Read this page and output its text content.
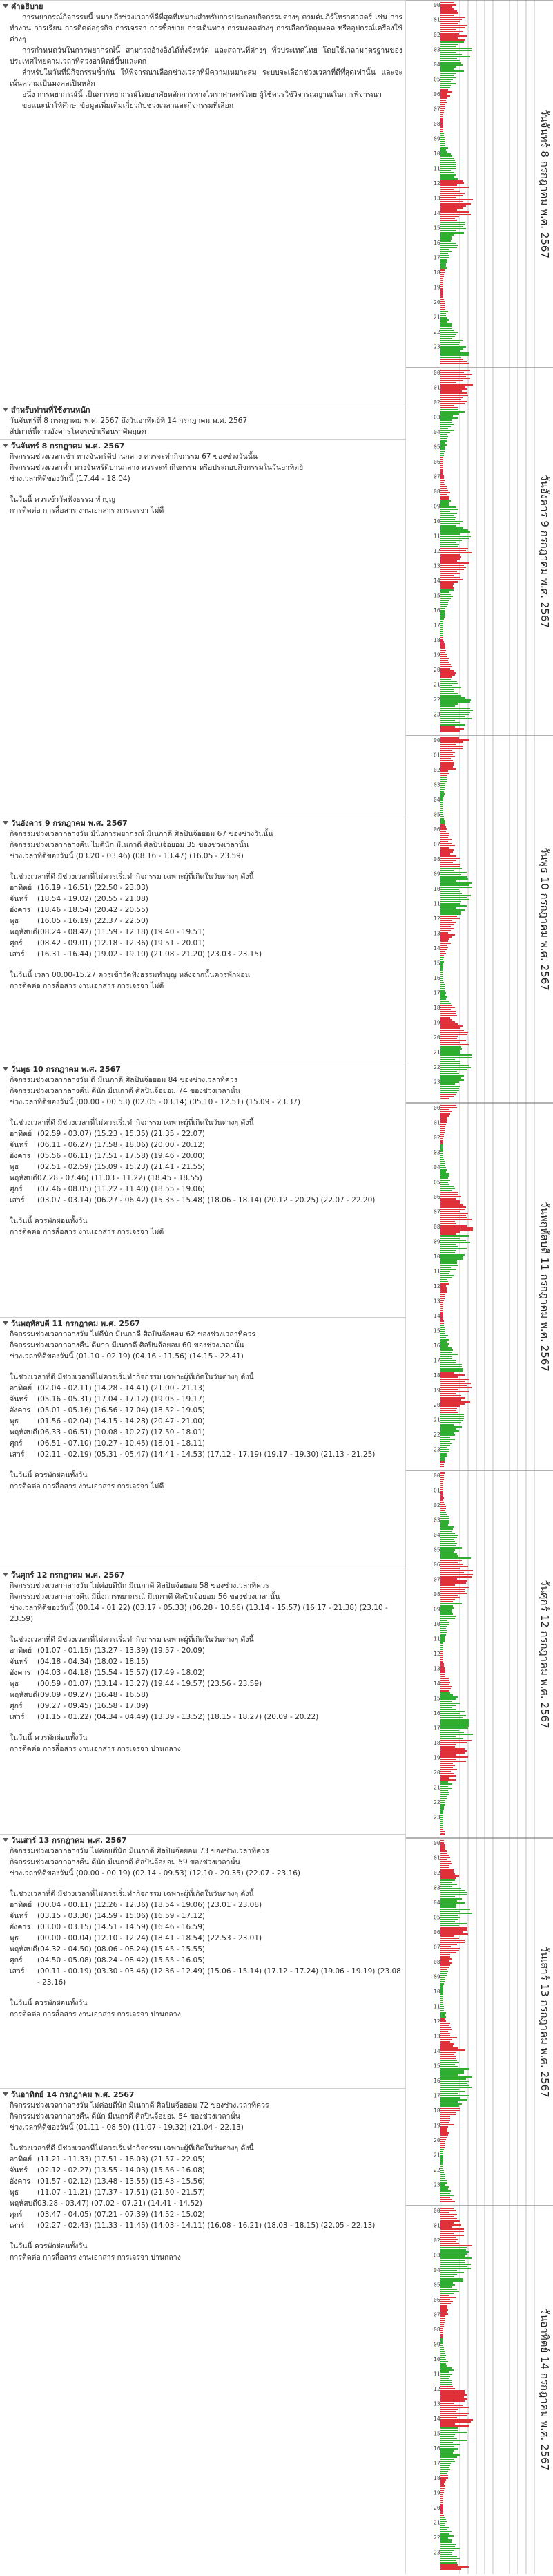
คำอธิบาย

การพยากรณ์กิจกรรมนี้ หมายถึงช่วงเวลาที่ดีที่สุดที่เหมาะสำหรับการประกอบกิจกรรมต่างๆ ตามคัมภีร์โหราศาสตร์ เช่น การทำงาน การเรียน การติดต่อธุรกิจ การเจรจา การซื้อขาย การเดินทาง การมงคลต่างๆ การเลือกวัตถุมงคล หรืออุปกรณ์เครื่องใช้ต่างๆ

การกำหนดวันในการพยากรณ์นี้ สามารถอ้างอิงได้ทั้งจังหวัด และสถานที่ต่างๆ ทั่วประเทศไทย โดยใช้เวลามาตรฐานของประเทศไทยตามเวลาที่ดวงอาทิตย์ขึ้นและตก

สำหรับในวันที่มีกิจกรรมซ้ำกัน ให้พิจารณาเลือกช่วงเวลาที่มีความเหมาะสม ระบบจะเลือกช่วงเวลาที่ดีที่สุดเท่านั้น และจะเน้นความเป็นมงคลเป็นหลัก

อนึ่ง การพยากรณ์นี้ เป็นการพยากรณ์โดยอาศัยหลักการทางโหราศาสตร์ไทย ผู้ใช้ควรใช้วิจารณญาณในการพิจารณา

ขอแนะนำให้ศึกษาข้อมูลเพิ่มเติมเกี่ยวกับช่วงเวลาและกิจกรรมที่เลือก

สำหรับท่านที่ใช้งานหนัก
วันจันทร์ที่ 8 กรกฎาคม พ.ศ. 2567 ถึงวันอาทิตย์ที่ 14 กรกฎาคม พ.ศ. 2567
สัปดาห์นี้ดาวอังคารโคจรเข้าเรือนราศีพฤษภ
วันจันทร์ 8 กรกฎาคม พ.ศ. 2567
กิจกรรมช่วงเวลาเช้า ทางจันทร์ดีปานกลาง ควรจะทำกิจกรรม 67 ของช่วงวันนั้น
กิจกรรมช่วงเวลาค่ำ ทางจันทร์ดีปานกลาง ควรจะทำกิจกรรม หรือประกอบกิจกรรมในวันอาทิตย์
ช่วงเวลาที่ดีของวันนี้ (17.44 - 18.04)
ในวันนี้ ควรเข้าวัดฟังธรรม ทำบุญ
การติดต่อ การสื่อสาร งานเอกสาร การเจรจา ไม่ดี
วันอังคาร 9 กรกฎาคม พ.ศ. 2567
กิจกรรมช่วงเวลากลางวัน มีนิ่งการพยากรณ์ มีเนกาดี ศิลปินจ้อยอม 67 ของช่วงวันนั้น
กิจกรรมช่วงเวลากลางคืน ไม่ดีนัก มีเนกาดี ศิลปินจ้อยอม 35 ของช่วงเวลานั้น
ช่วงเวลาที่ดีของวันนี้ (03.20 - 03.46) (08.16 - 13.47) (16.05 - 23.59)
ในช่วงเวลาที่ดี มีช่วงเวลาที่ไม่ควรเริ่มทำกิจกรรม เฉพาะผู้ที่เกิดในวันต่างๆ ดังนี้
อาทิตย์ (16.19 - 16.51) (22.50 - 23.03)
จันทร์	(18.54 - 19.02) (20.55 - 21.08)
อังคาร (18.46 - 18.54) (20.42 - 20.55)
พุธ	(16.05 - 16.19) (22.37 - 22.50)
พฤหัสบดี (08.24 - 08.42) (11.59 - 12.18) (19.40 - 19.51)
ศุกร์	(08.42 - 09.01) (12.18 - 12.36) (19.51 - 20.01)
เสาร์	(16.31 - 16.44) (19.02 - 19.10) (21.08 - 21.20) (23.03 - 23.15)
ในวันนี้ เวลา 00.00-15.27 ควรเข้าวัดฟังธรรมทำบุญ หลังจากนั้นควรพักผ่อน
การติดต่อ การสื่อสาร งานเอกสาร การเจรจา ไม่ดี
วันพุธ 10 กรกฎาคม พ.ศ. 2567
กิจกรรมช่วงเวลากลางวัน ดี มีเนกาดี ศิลปินจ้อยอม 84 ของช่วงเวลาที่ควร
กิจกรรมช่วงเวลากลางคืน ดีนัก มีเนกาดี ศิลปินจ้อยอม 74 ของช่วงเวลานั้น
ช่วงเวลาที่ดีของวันนี้ (00.00 - 00.53) (02.05 - 03.14) (05.10 - 12.51) (15.09 - 23.37)
ในช่วงเวลาที่ดี มีช่วงเวลาที่ไม่ควรเริ่มทำกิจกรรม เฉพาะผู้ที่เกิดในวันต่างๆ ดังนี้
อาทิตย์ (02.59 - 03.07) (15.23 - 15.35) (21.35 - 22.07)
จันทร์	(06.11 - 06.27) (17.58 - 18.06) (20.00 - 20.12)
อังคาร (05.56 - 06.11) (17.51 - 17.58) (19.46 - 20.00)
พุธ	(02.51 - 02.59) (15.09 - 15.23) (21.41 - 21.55)
พฤหัสบดี 07.28 - 07.46) (11.03 - 11.22) (18.45 - 18.55)
ศุกร์	(07.46 - 08.05) (11.22 - 11.40) (18.55 - 19.06)
เสาร์	(03.07 - 03.14) (06.27 - 06.42) (15.35 - 15.48) (18.06 - 18.14) (20.12 - 20.25) (22.07 - 22.20)
ในวันนี้ ควรพักผ่อนทั้งวัน
การติดต่อ การสื่อสาร งานเอกสาร การเจรจา ไม่ดี
วันพฤหัสบดี 11 กรกฎาคม พ.ศ. 2567
กิจกรรมช่วงเวลากลางวัน ไม่ดีนัก มีเนกาดี ศิลปินจ้อยอม 62 ของช่วงเวลาที่ควร
กิจกรรมช่วงเวลากลางคืน ดีมาก มีเนกาดี ศิลปินจ้อยอม 60 ของช่วงเวลานั้น
ช่วงเวลาที่ดีของวันนี้ (01.10 - 02.19) (04.16 - 11.56) (14.15 - 22.41)
ในช่วงเวลาที่ดี มีช่วงเวลาที่ไม่ควรเริ่มทำกิจกรรม เฉพาะผู้ที่เกิดในวันต่างๆ ดังนี้
อาทิตย์ (02.04 - 02.11) (14.28 - 14.41) (21.00 - 21.13)
จันทร์	(05.16 - 05.31) (17.04 - 17.12) (19.05 - 19.17)
อังคาร (05.01 - 05.16) (16.56 - 17.04) (18.52 - 19.05)
พุธ	(01.56 - 02.04) (14.15 - 14.28) (20.47 - 21.00)
พฤหัสบดี (06.33 - 06.51) (10.08 - 10.27) (17.50 - 18.01)
ศุกร์	(06.51 - 07.10) (10.27 - 10.45) (18.01 - 18.11)
เสาร์	(02.11 - 02.19) (05.31 - 05.47) (14.41 - 14.53) (17.12 - 17.19) (19.17 - 19.30) (21.13 - 21.25)
ในวันนี้ ควรพักผ่อนทั้งวัน
การติดต่อ การสื่อสาร งานเอกสาร การเจรจา ไม่ดี
วันศุกร์ 12 กรกฎาคม พ.ศ. 2567
กิจกรรมช่วงเวลากลางวัน ไม่ค่อยดีนัก มีเนกาดี ศิลปินจ้อยอม 58 ของช่วงเวลาที่ควร
กิจกรรมช่วงเวลากลางคืน มีนิ่งการพยากรณ์ มีเนกาดี ศิลปินจ้อยอม 56 ของช่วงเวลานั้น
ช่วงเวลาที่ดีของวันนี้ (00.14 - 01.22) (03.17 - 05.33) (06.28 - 10.56) (13.14 - 15.57) (16.17 - 21.38) (23.10 - 23.59)
ในช่วงเวลาที่ดี มีช่วงเวลาที่ไม่ควรเริ่มทำกิจกรรม เฉพาะผู้ที่เกิดในวันต่างๆ ดังนี้
อาทิตย์ (01.07 - 01.15) (13.27 - 13.39) (19.57 - 20.09)
จันทร์	(04.18 - 04.34) (18.02 - 18.15)
อังคาร (04.03 - 04.18) (15.54 - 15.57) (17.49 - 18.02)
พุธ	(00.59 - 01.07) (13.14 - 13.27) (19.44 - 19.57) (23.56 - 23.59)
พฤหัสบดี (09.09 - 09.27) (16.48 - 16.58)
ศุกร์	(09.27 - 09.45) (16.58 - 17.09)
เสาร์	(01.15 - 01.22) (04.34 - 04.49) (13.39 - 13.52) (18.15 - 18.27) (20.09 - 20.22)
ในวันนี้ ควรพักผ่อนทั้งวัน
การติดต่อ การสื่อสาร งานเอกสาร การเจรจา ปานกลาง
วันเสาร์ 13 กรกฎาคม พ.ศ. 2567
กิจกรรมช่วงเวลากลางวัน ไม่ค่อยดีนัก มีเนกาดี ศิลปินจ้อยอม 73 ของช่วงเวลาที่ควร
กิจกรรมช่วงเวลากลางคืน ดีนัก มีเนกาดี ศิลปินจ้อยอม 59 ของช่วงเวลานั้น
ช่วงเวลาที่ดีของวันนี้ (00.00 - 00.19) (02.14 - 09.53) (12.10 - 20.35) (22.07 - 23.16)
ในช่วงเวลาที่ดี มีช่วงเวลาที่ไม่ควรเริ่มทำกิจกรรม เฉพาะผู้ที่เกิดในวันต่างๆ ดังนี้
อาทิตย์ (00.04 - 00.11) (12.26 - 12.36) (18.54 - 19.06) (23.01 - 23.08)
จันทร์	(03.15 - 03.30) (14.59 - 15.06) (16.59 - 17.12)
อังคาร (03.00 - 03.15) (14.51 - 14.59) (16.46 - 16.59)
พุธ	(00.00 - 00.04) (12.10 - 12.24) (18.41 - 18.54) (22.53 - 23.01)
พฤหัสบดี (04.32 - 04.50) (08.06 - 08.24) (15.45 - 15.55)
ศุกร์	(04.50 - 05.08) (08.24 - 08.42) (15.55 - 16.05)
เสาร์	(00.11 - 00.19) (03.30 - 03.46) (12.36 - 12.49) (15.06 - 15.14) (17.12 - 17.24) (19.06 - 19.19) (23.08 - 23.16)
ในวันนี้ ควรพักผ่อนทั้งวัน
การติดต่อ การสื่อสาร งานเอกสาร การเจรจา ปานกลาง
วันอาทิตย์ 14 กรกฎาคม พ.ศ. 2567
กิจกรรมช่วงเวลากลางวัน ไม่ค่อยดีนัก มีเนกาดี ศิลปินจ้อยอม 72 ของช่วงเวลาที่ควร
กิจกรรมช่วงเวลากลางคืน ดีนัก มีเนกาดี ศิลปินจ้อยอม 54 ของช่วงเวลานั้น
ช่วงเวลาที่ดีของวันนี้ (01.11 - 08.50) (11.07 - 19.32) (21.04 - 22.13)
ในช่วงเวลาที่ดี มีช่วงเวลาที่ไม่ควรเริ่มทำกิจกรรม เฉพาะผู้ที่เกิดในวันต่างๆ ดังนี้
อาทิตย์ (11.21 - 11.33) (17.51 - 18.03) (21.57 - 22.05)
จันทร์	(02.12 - 02.27) (13.55 - 14.03) (15.56 - 16.08)
อังคาร (01.57 - 02.12) (13.48 - 13.55) (15.43 - 15.56)
พุธ	(11.07 - 11.21) (17.37 - 17.51) (21.50 - 21.57)
พฤหัสบดี 03.28 - 03.47) (07.02 - 07.21) (14.41 - 14.52)
ศุกร์	(03.47 - 04.05) (07.21 - 07.39) (14.52 - 15.02)
เสาร์	(02.27 - 02.43) (11.33 - 11.45) (14.03 - 14.11) (16.08 - 16.21) (18.03 - 18.15) (22.05 - 22.13)
ในวันนี้ ควรพักผ่อนทั้งวัน
การติดต่อ การสื่อสาร งานเอกสาร การเจรจา ปานกลาง
00
01
02
03
04
05
06
07
08
09
10
11
12
13
14
15
16
17
18
19
20
21
22
23
วันจันทร์ 8 กรกฎาคม พ.ศ. 2567
00
01
02
03
04
05
06
07
08
09
10
11
12
13
14
15
16
17
18
19
20
21
22
23
วันอังคาร 9 กรกฎาคม พ.ศ. 2567
00
01
02
03
04
05
06
07
08
09
10
11
12
13
14
15
16
17
18
19
20
21
22
23
วันพุธ 10 กรกฎาคม พ.ศ. 2567
00
01
02
03
04
05
06
07
08
09
10
11
12
13
14
15
16
17
18
19
20
21
22
23
วันพฤหัสบดี 11 กรกฎาคม พ.ศ. 2567
00
01
02
03
04
05
06
07
08
09
10
11
12
13
14
15
16
17
18
19
20
21
22
23
วันศุกร์ 12 กรกฎาคม พ.ศ. 2567
00
01
02
03
04
05
06
07
08
09
10
11
12
13
14
15
16
17
18
19
20
21
22
23
วันเสาร์ 13 กรกฎาคม พ.ศ. 2567
00
01
02
03
04
05
06
07
08
09
10
11
12
13
14
15
16
17
18
19
20
21
22
23
วันอาทิตย์ 14 กรกฎาคม พ.ศ. 2567
